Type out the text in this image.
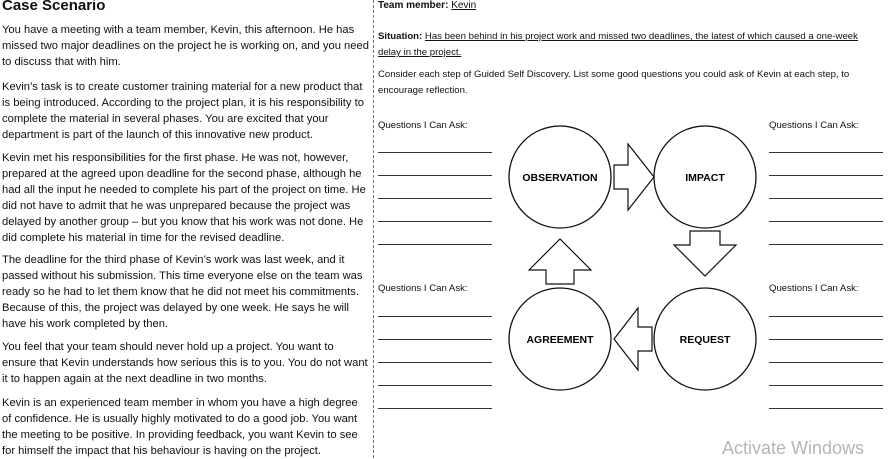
Case Scenario

You have a meeting with a team member, Kevin, this afternoon. He has missed two major deadlines on the project he is working on, and you need to discuss that with him.

Kevin’s task is to create customer training material for a new product that is being introduced. According to the project plan, it is his responsibility to complete the material in several phases. You are excited that your department is part of the launch of this innovative new product.

Kevin met his responsibilities for the first phase. He was not, however, prepared at the agreed upon deadline for the second phase, although he had all the input he needed to complete his part of the project on time. He did not have to admit that he was unprepared because the project was delayed by another group – but you know that his work was not done. He did complete his material in time for the revised deadline.

The deadline for the third phase of Kevin’s work was last week, and it passed without his submission. This time everyone else on the team was ready so he had to let them know that he did not meet his commitments. Because of this, the project was delayed by one week. He says he will have his work completed by then.

You feel that your team should never hold up a project. You want to ensure that Kevin understands how serious this is to you. You do not want it to happen again at the next deadline in two months.

Kevin is an experienced team member in whom you have a high degree of confidence. He is usually highly motivated to do a good job. You want the meeting to be positive. In providing feedback, you want Kevin to see for himself the impact that his behaviour is having on the project.

Team member: Kevin
Situation: Has been behind in his project work and missed two deadlines, the latest of which caused a one-week delay in the project.
Consider each step of Guided Self Discovery. List some good questions you could ask of Kevin at each step, to encourage reflection.
Questions I Can Ask:	Questions I Can Ask:
Questions I Can Ask:	Questions I Can Ask:
OBSERVATION	IMPACT
REQUEST
AGREEMENT
Activate Windows
